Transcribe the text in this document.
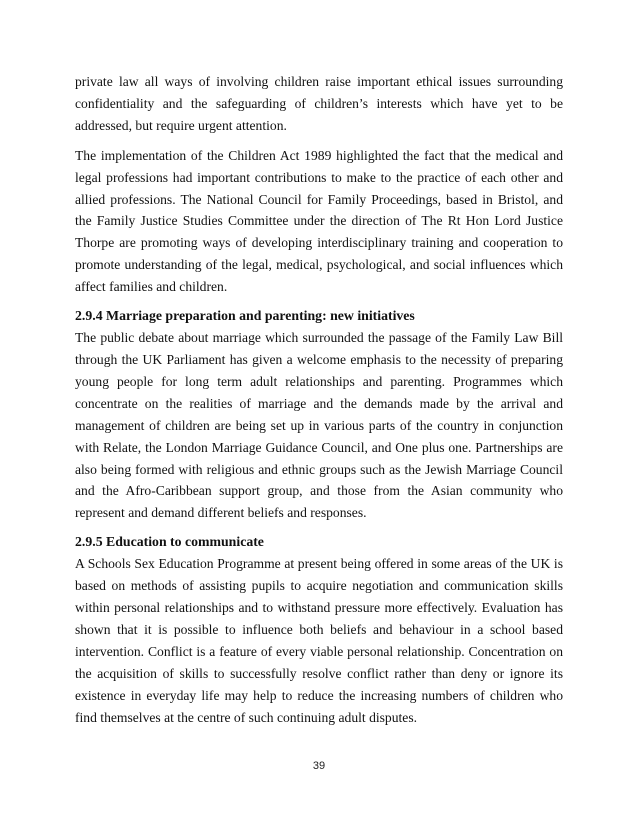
private law all ways of involving children raise important ethical issues surrounding confidentiality and the safeguarding of children’s interests which have yet to be addressed, but require urgent attention.

The implementation of the Children Act 1989 highlighted the fact that the medical and legal professions had important contributions to make to the practice of each other and allied professions. The National Council for Family Proceedings, based in Bristol, and the Family Justice Studies Committee under the direction of The Rt Hon Lord Justice Thorpe are promoting ways of developing interdisciplinary training and cooperation to promote understanding of the legal, medical, psychological, and social influences which affect families and children.

2.9.4 Marriage preparation and parenting: new initiatives

The public debate about marriage which surrounded the passage of the Family Law Bill through the UK Parliament has given a welcome emphasis to the necessity of preparing young people for long term adult relationships and parenting. Programmes which concentrate on the realities of marriage and the demands made by the arrival and management of children are being set up in various parts of the country in conjunction with Relate, the London Marriage Guidance Council, and One plus one. Partnerships are also being formed with religious and ethnic groups such as the Jewish Marriage Council and the Afro-Caribbean support group, and those from the Asian community who represent and demand different beliefs and responses.

2.9.5 Education to communicate

A Schools Sex Education Programme at present being offered in some areas of the UK is based on methods of assisting pupils to acquire negotiation and communication skills within personal relationships and to withstand pressure more effectively. Evaluation has shown that it is possible to influence both beliefs and behaviour in a school based intervention. Conflict is a feature of every viable personal relationship. Concentration on the acquisition of skills to successfully resolve conflict rather than deny or ignore its existence in everyday life may help to reduce the increasing numbers of children who find themselves at the centre of such continuing adult disputes.

39
